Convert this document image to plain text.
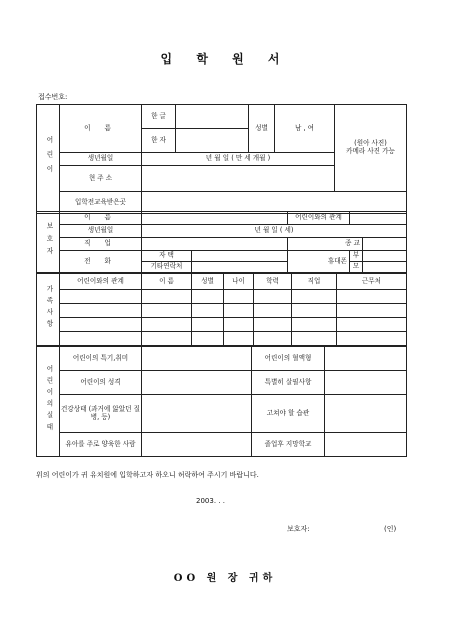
입 학 원 서
접수번호:
어린이	이 름	한 글		성별	남 , 여	(원아 사진)
카메라 사진 가능

		한 자				
	생년월일	년 월 일 ( 만 세 개월 )				
	현 주 소					
	입학전교육받은곳					
보호자	이 름			어린이와의 관계		
	생년월일	년 월 일 ( 세)				
	직 업			종 교		
	전 화	자 택		휴대폰	부	
		기타연락처			모	
가족사항	어린이와의 관계	이 름	성별	나이	학력	직업	근무처

어린이의실태	어린이의 특기,취미		어린이의 혈액형	
	어린이의 성격		특별히 살필사항	
	건강상태 (과거에 앓았던 질병, 등)		고쳐야 할 습관	
	유아를 주로 양육한 사람		졸업후 지망학교	
위의 어린이가 귀 유치원에 입학하고자 하오니 허락하여 주시기 바랍니다.
2003. . .
보호자:	(인)
OO 원 장 귀하
